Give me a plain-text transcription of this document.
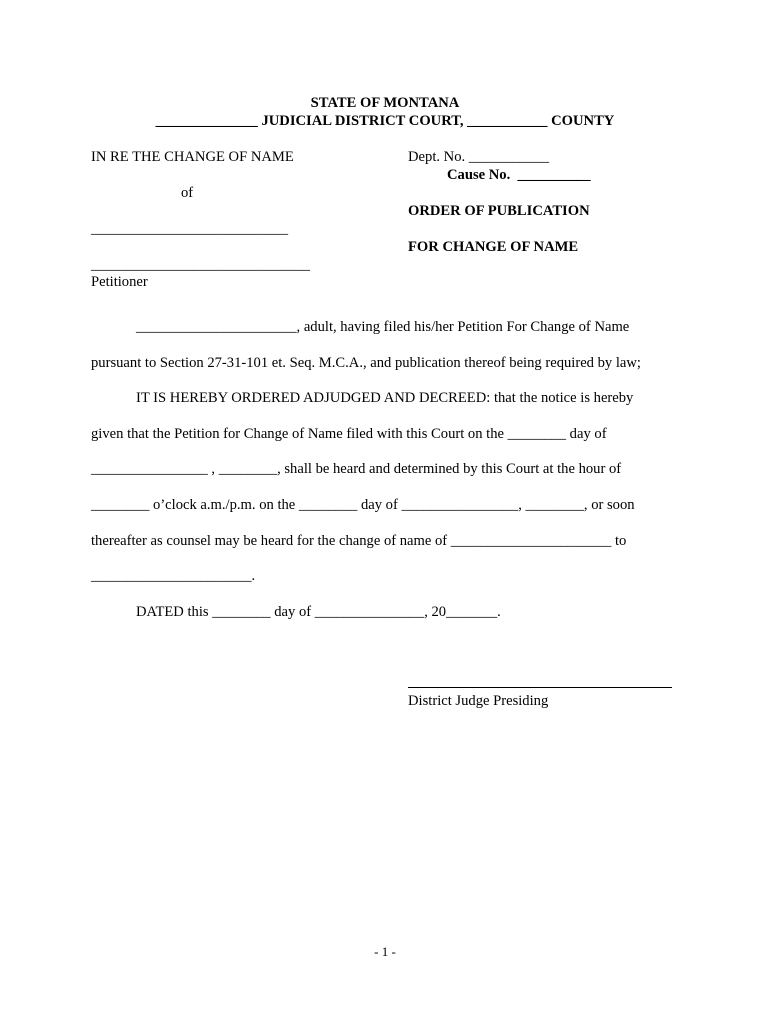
STATE OF MONTANA
______________ JUDICIAL DISTRICT COURT, ___________ COUNTY
IN RE THE CHANGE OF NAME
of
___________________________
______________________________
Petitioner
Dept. No. ___________
Cause No.  __________
ORDER OF PUBLICATION
FOR CHANGE OF NAME
______________________, adult, having filed his/her Petition For Change of Name
pursuant to Section 27-31-101 et. Seq. M.C.A., and publication thereof being required by law;
IT IS HEREBY ORDERED ADJUDGED AND DECREED: that the notice is hereby
given that the Petition for Change of Name filed with this Court on the ________ day of
________________ , ________, shall be heard and determined by this Court at the hour of
________ o’clock a.m./p.m. on the ________ day of ________________, ________, or soon
thereafter as counsel may be heard for the change of name of ______________________ to
______________________.
DATED this ________ day of _______________, 20_______.
District Judge Presiding
- 1 -
